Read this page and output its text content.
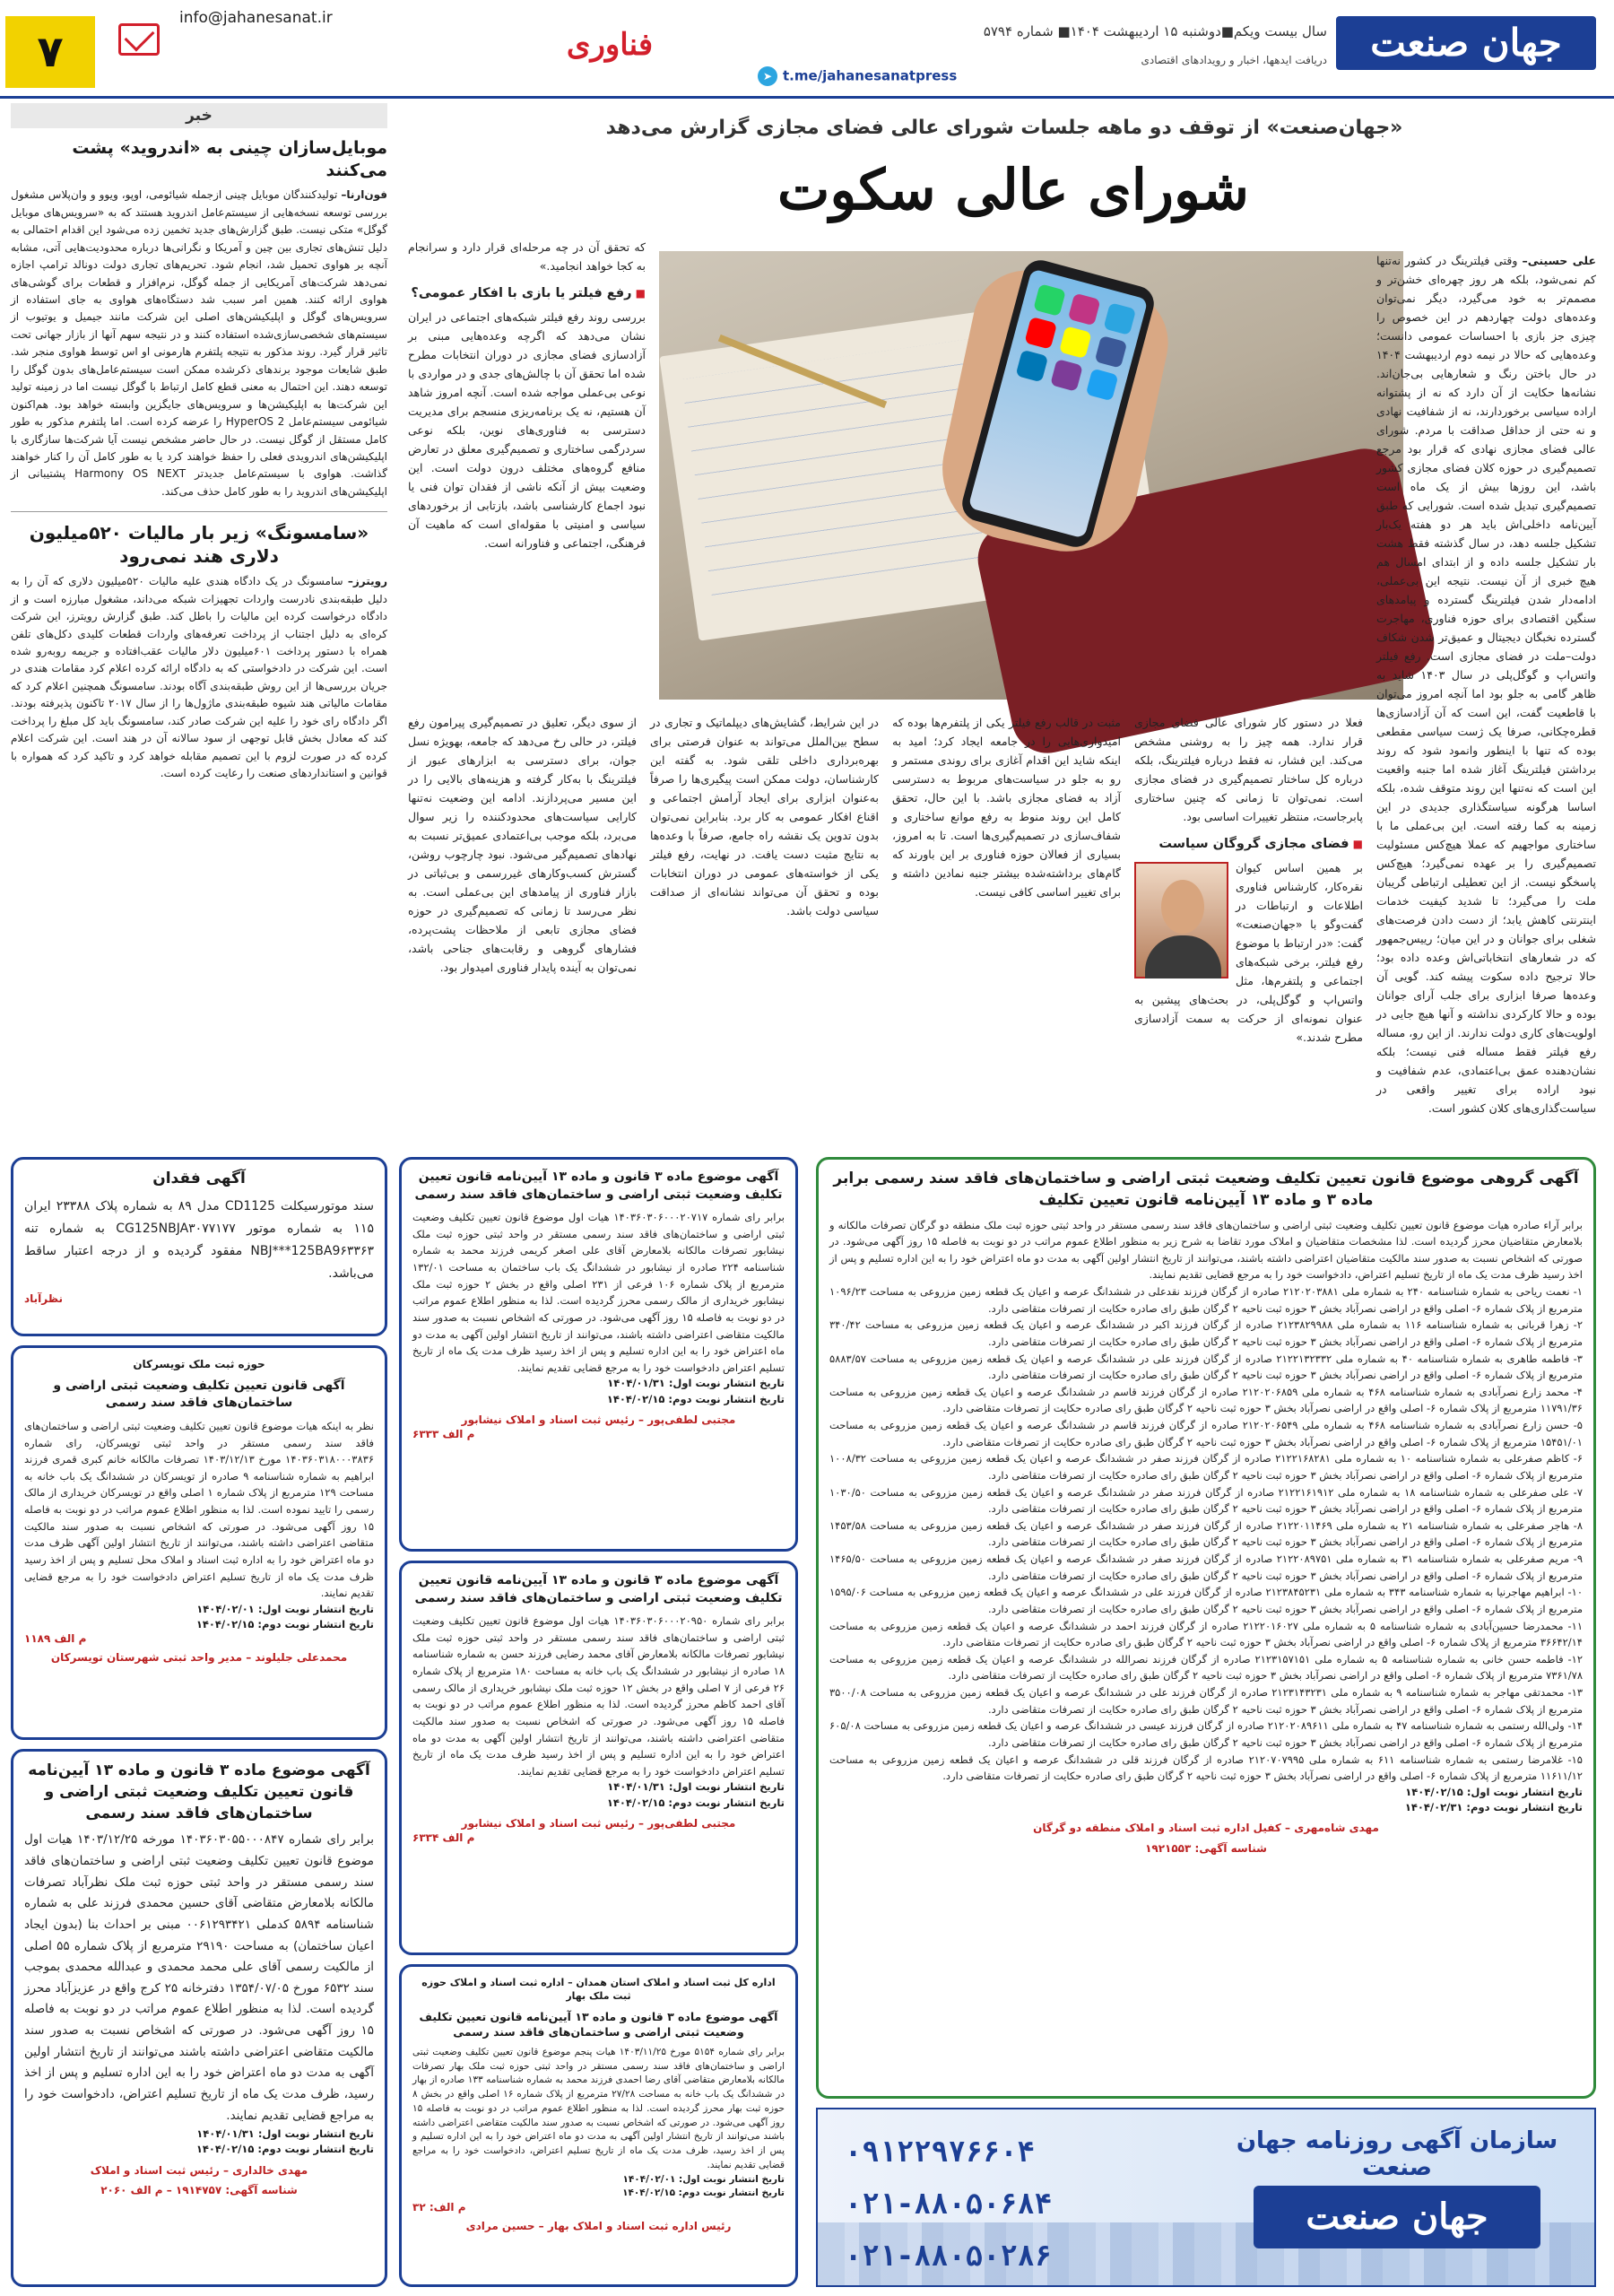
جهان صنعت
سال بیست ویکم■دوشنبه ۱۵ اردیبهشت ۱۴۰۴■ شماره ۵۷۹۴
دریافت ایدهها، اخبار و رویدادهای اقتصادی
➤ t.me/jahanesanatpress
فناوری
info@jahanesanat.ir
۷
خبر
موبایل‌سازان چینی به «اندروید» پشت می‌کنند

فون‌ارنا– تولیدکنندگان موبایل چینی ازجمله شیائومی، اوپو، ویوو و وان‌پلاس مشغول بررسی توسعه نسخه‌هایی از سیستم‌عامل اندروید هستند که به «سرویس‌های موبایل گوگل» متکی نیست. طبق گزارش‌های جدید تخمین زده می‌شود این اقدام احتمالی به دلیل تنش‌های تجاری بین چین و آمریکا و نگرانی‌ها درباره محدودیت‌هایی آتی، مشابه آنچه بر هواوی تحمیل شد، انجام شود. تحریم‌های تجاری دولت دونالد ترامپ اجازه نمی‌دهد شرکت‌های آمریکایی از جمله گوگل، نرم‌افزار و قطعات برای گوشی‌های هواوی ارائه کنند. همین امر سبب شد دستگاه‌های هواوی به جای استفاده از سرویس‌های گوگل و اپلیکیشن‌های اصلی این شرکت مانند جیمیل و یوتیوب از سیستم‌های شخصی‌سازی‌شده استفاده کنند و در نتیجه سهم آنها از بازار جهانی تحت تاثیر قرار گیرد. روند مذکور به نتیجه پلتفرم هارمونی او اس توسط هواوی منجر شد. طبق شایعات موجود برندهای ذکرشده ممکن است سیستم‌عامل‌های بدون گوگل را توسعه دهند. این احتمال به معنی قطع کامل ارتباط با گوگل نیست اما در زمینه تولید این شرکت‌ها به اپلیکیشن‌ها و سرویس‌های جایگزین وابسته خواهد بود. هم‌اکنون شیائومی سیستم‌عامل HyperOS 2 را عرضه کرده است. اما پلتفرم مذکور به طور کامل مستقل از گوگل نیست. در حال حاضر مشخص نیست آیا شرکت‌ها سازگاری با اپلیکیشن‌های اندرویدی فعلی را حفظ خواهند کرد یا به طور کامل آن را کنار خواهند گذاشت. هواوی با سیستم‌عامل جدیدتر Harmony OS NEXT پشتیبانی از اپلیکیشن‌های اندروید را به طور کامل حذف می‌کند.

«سامسونگ» زیر بار مالیات ۵۲۰میلیون دلاری هند نمی‌رود

رویترز– سامسونگ در یک دادگاه هندی علیه مالیات ۵۲۰میلیون دلاری که آن را به دلیل طبقه‌بندی نادرست واردات تجهیزات شبکه می‌داند، مشغول مبارزه است و از دادگاه درخواست کرده این مالیات را باطل کند. طبق گزارش رویترز، این شرکت کره‌ای به دلیل اجتناب از پرداخت تعرفه‌های واردات قطعات کلیدی دکل‌های تلفن همراه با دستور پرداخت ۶۰۱میلیون دلار مالیات عقب‌افتاده و جریمه روبه‌رو شده است. این شرکت در دادخواستی که به دادگاه ارائه کرده اعلام کرد مقامات هندی در جریان بررسی‌ها از این روش طبقه‌بندی آگاه بودند. سامسونگ همچنین اعلام کرد که مقامات مالیاتی هند شیوه طبقه‌بندی ماژول‌ها را از سال ۲۰۱۷ تاکنون پذیرفته بودند. اگر دادگاه رای خود را علیه این شرکت صادر کند، سامسونگ باید کل مبلغ را پرداخت کند که معادل بخش قابل توجهی از سود سالانه آن در هند است. این شرکت اعلام کرده که در صورت لزوم با این تصمیم مقابله خواهد کرد و تاکید کرد که همواره با قوانین و استانداردهای صنعت را رعایت کرده است.

«جهان‌صنعت» از توقف دو ماهه جلسات شورای عالی فضای مجازی گزارش می‌دهد
شورای عالی سکوت
علی حسینی– وقتی فیلترینگ در کشور نه‌تنها کم نمی‌شود، بلکه هر روز چهره‌ای خشن‌تر و مصمم‌تر به خود می‌گیرد، دیگر نمی‌توان وعده‌های دولت چهاردهم در این خصوص را چیزی جز بازی با احساسات عمومی دانست؛ وعده‌هایی که حالا در نیمه دوم اردیبهشت ۱۴۰۴ در حال باختن رنگ و شعارهایی بی‌جان‌اند. نشانه‌ها حکایت از آن دارد که نه از پشتوانه اراده سیاسی برخوردارند، نه از شفافیت نهادی و نه حتی از حداقل صداقت با مردم. شورای عالی فضای مجازی نهادی که قرار بود مرجع تصمیم‌گیری در حوزه کلان فضای مجازی کشور باشد، این روزها بیش از یک ماه است تصمیم‌گیری تبدیل شده است. شورایی که طبق آیین‌نامه داخلی‌اش باید هر دو هفته یک‌بار تشکیل جلسه دهد، در سال گذشته فقط هشت بار تشکیل جلسه داده و از ابتدای امسال هم هیچ خبری از آن نیست. نتیجه این بی‌عملی، ادامه‌دار شدن فیلترینگ گسترده و پیامدهای سنگین اقتصادی برای حوزه فناوری، مهاجرت گسترده نخبگان دیجیتال و عمیق‌تر شدن شکاف دولت–ملت در فضای مجازی است. رفع فیلتر واتس‌اپ و گوگل‌پلی در سال ۱۴۰۳ شاید به ظاهر گامی به جلو بود اما آنچه امروز می‌توان با قاطعیت گفت، این است که آن آزادسازی‌ها قطره‌چکانی، صرفا یک ژست سیاسی مقطعی بوده که تنها با اینطور وانمود شود که روند برداشتن فیلترینگ آغاز شده اما جنبه واقعیت این است که نه‌تنها این روند متوقف شده، بلکه اساسا هرگونه سیاستگذاری جدیدی در این زمینه به کما رفته است. این بی‌عملی ما با ساختاری مواجهیم که عملا هیچ‌کس مسئولیت تصمیم‌گیری را بر عهده نمی‌گیرد؛ هیچ‌کس پاسخگو نیست. از این تعطیلی ارتباطی گریبان ملت را می‌گیرد؛ تا شدید کیفیت خدمات اینترنتی کاهش یابد؛ از دست دادن فرصت‌های شغلی برای جوانان و در این میان؛ رییس‌جمهور که در شعارهای انتخاباتی‌اش وعده داده بود؛ حالا ترجیح داده سکوت پیشه کند. گویی آن وعده‌ها صرفا ابزاری برای جلب آرای جوانان بوده و حالا کارکردی نداشته و آنها هیچ جایی در اولویت‌های کاری دولت ندارند. از این رو، مساله رفع فیلتر فقط مساله فنی نیست؛ بلکه نشان‌دهنده عمق بی‌اعتمادی، عدم شفافیت و نبود اراده برای تغییر واقعی در سیاست‌گذاری‌های کلان کشور است.

که تحقق آن در چه مرحله‌ای قرار دارد و سرانجام به کجا خواهد انجامید.»

■ رفع فیلتر یا بازی با افکار عمومی؟

بررسی روند رفع فیلتر شبکه‌های اجتماعی در ایران نشان می‌دهد که اگرچه وعده‌هایی مبنی بر آزادسازی فضای مجازی در دوران انتخابات مطرح شده اما تحقق آن با چالش‌های جدی و در مواردی با نوعی بی‌عملی مواجه شده است. آنچه امروز شاهد آن هستیم، نه یک برنامه‌ریزی منسجم برای مدیریت دسترسی به فناوری‌های نوین، بلکه نوعی سردرگمی ساختاری و تصمیم‌گیری معلق در تعارض منافع گروه‌های مختلف درون دولت است. این وضعیت بیش از آنکه ناشی از فقدان توان فنی یا نبود اجماع کارشناسی باشد، بازتابی از برخوردهای سیاسی و امنیتی با مقوله‌ای است که ماهیت آن فرهنگی، اجتماعی و فناورانه است.

از سوی دیگر، تعلیق در تصمیم‌گیری پیرامون رفع فیلتر، در حالی رخ می‌دهد که جامعه، بهویژه نسل جوان، برای دسترسی به ابزارهای عبور از فیلترینگ با به‌کار گرفته و هزینه‌های بالایی را در این مسیر می‌پردازند. ادامه این وضعیت نه‌تنها کارایی سیاست‌های محدودکننده را زیر سوال می‌برد، بلکه موجب بی‌اعتمادی عمیق‌تر نسبت به نهادهای تصمیم‌گیر می‌شود. نبود چارچوب روشن، گسترش کسب‌وکارهای غیررسمی و بی‌ثباتی در بازار فناوری از پیامدهای این بی‌عملی است. به نظر می‌رسد تا زمانی که تصمیم‌گیری در حوزه فضای مجازی تابعی از ملاحظات پشت‌پرده، فشارهای گروهی و رقابت‌های جناحی باشد، نمی‌توان به آینده پایدار فناوری امیدوار بود.

در این شرایط، گشایش‌های دیپلماتیک و تجاری در سطح بین‌الملل می‌تواند به عنوان فرصتی برای بهره‌برداری داخلی تلقی شود. به گفته این کارشناسان، دولت ممکن است پیگیری‌ها را صرفاً به‌عنوان ابزاری برای ایجاد آرامش اجتماعی و اقناع افکار عمومی به کار برد. بنابراین نمی‌توان بدون تدوین یک نقشه راه جامع، صرفاً با وعده‌ها به نتایج مثبت دست یافت. در نهایت، رفع فیلتر یکی از خواسته‌های عمومی در دوران انتخابات بوده و تحقق آن می‌تواند نشانه‌ای از صداقت سیاسی دولت باشد.

مثبت در قالب رفع فیلتر یکی از پلتفرم‌ها بوده که امیدواری‌هایی را در جامعه ایجاد کرد؛ امید به اینکه شاید این اقدام آغازی برای روندی مستمر و رو به جلو در سیاست‌های مربوط به دسترسی آزاد به فضای مجازی باشد. با این حال، تحقق کامل این روند منوط به رفع موانع ساختاری و شفاف‌سازی در تصمیم‌گیری‌ها است. تا به امروز، بسیاری از فعالان حوزه فناوری بر این باورند که گام‌های برداشته‌شده بیشتر جنبه نمادین داشته و برای تغییر اساسی کافی نیست.

فعلا در دستور کار شورای عالی فضای مجازی قرار ندارد. همه چیز را به روشنی مشخص می‌کند. این فشار، نه فقط درباره فیلترینگ، بلکه درباره کل ساختار تصمیم‌گیری در فضای مجازی است. نمی‌توان تا زمانی که چنین ساختاری پابرجاست، منتظر تغییرات اساسی بود.

■ فضای مجازی گروگان سیاست

بر همین اساس کیوان نقره‌کار، کارشناس فناوری اطلاعات و ارتباطات در گفت‌وگو با «جهان‌صنعت» گفت: «در ارتباط با موضوع رفع فیلتر، برخی شبکه‌های اجتماعی و پلتفرم‌ها، مثل واتس‌اپ و گوگل‌پلی، در بحث‌های پیشین به عنوان نمونه‌ای از حرکت به سمت آزادسازی مطرح شدند.»

آگهی فقدان

سند موتورسیکلت CD1125 مدل ۸۹ به شماره پلاک ۲۳۳۸۸ ایران ۱۱۵ به شماره موتور CG125NBJA۳۰۷۷۱۷۷ به شماره تنه NBJ***125BA9۶۳۳۶۳ مفقود گردیده و از درجه اعتبار ساقط می‌باشد.

نظرآباد
حوزه ثبت ملک تویسرکان
آگهی قانون تعیین تکلیف وضعیت ثبتی اراضی و ساختمان‌های فاقد سند رسمی

نظر به اینکه هیات موضوع قانون تعیین تکلیف وضعیت ثبتی اراضی و ساختمان‌های فاقد سند رسمی مستقر در واحد ثبتی تویسرکان، رای شماره ۱۴۰۳۶۰۳۱۸۰۰۰۳۸۳۶ مورخ ۱۴۰۳/۱۲/۱۳ تصرفات مالکانه خانم کبری قمری فرزند ابراهیم به شماره شناسنامه ۹ صادره از تویسرکان در ششدانگ یک باب خانه به مساحت ۱۲۹ مترمربع از پلاک شماره ۱ اصلی واقع در تویسرکان خریداری از مالک رسمی را تایید نموده است. لذا به منظور اطلاع عموم مراتب در دو نوبت به فاصله ۱۵ روز آگهی می‌شود. در صورتی که اشخاص نسبت به صدور سند مالکیت متقاضی اعتراضی داشته باشند، می‌توانند از تاریخ انتشار اولین آگهی ظرف مدت دو ماه اعتراض خود را به اداره ثبت اسناد و املاک محل تسلیم و پس از اخذ رسید ظرف مدت یک ماه از تاریخ تسلیم اعتراض دادخواست خود را به مرجع قضایی تقدیم نمایند.

تاریخ انتشار نوبت اول: ۱۴۰۴/۰۲/۰۱
تاریخ انتشار نوبت دوم: ۱۴۰۴/۰۲/۱۵
م الف ۱۱۸۹
محمدعلی جلیلوند – مدیر واحد ثبتی شهرستان تویسرکان
آگهی موضوع ماده ۳ قانون و ماده ۱۳ آیین‌نامه قانون تعیین تکلیف وضعیت ثبتی اراضی و ساختمان‌های فاقد سند رسمی

برابر رای شماره ۱۴۰۳۶۰۳۰۵۵۰۰۰۸۴۷ مورخه ۱۴۰۳/۱۲/۲۵ هیات اول موضوع قانون تعیین تکلیف وضعیت ثبتی اراضی و ساختمان‌های فاقد سند رسمی مستقر در واحد ثبتی حوزه ثبت ملک نظرآباد تصرفات مالکانه بلامعارض متقاضی آقای حسین محمدی فرزند علی به شماره شناسنامه ۵۸۹۴ کدملی ۰۰۶۱۲۹۳۴۲۱ مبنی بر احداث بنا (بدون ایجاد اعیان ساختمان) به مساحت ۲۹۱۹۰ مترمربع از پلاک شماره ۵۵ اصلی از مالکیت رسمی آقای علی محمد محمدی و عبدالله محمدی بموجب سند ۶۵۳۲ مورخ ۱۳۵۴/۰۷/۰۵ دفترخانه ۲۵ کرج واقع در عزیزآباد محرز گردیده است. لذا به منظور اطلاع عموم مراتب در دو نوبت به فاصله ۱۵ روز آگهی می‌شود. در صورتی که اشخاص نسبت به صدور سند مالکیت متقاضی اعتراضی داشته باشند می‌توانند از تاریخ انتشار اولین آگهی به مدت دو ماه اعتراض خود را به این اداره تسلیم و پس از اخذ رسید، ظرف مدت یک ماه از تاریخ تسلیم اعتراض، دادخواست خود را به مراجع قضایی تقدیم نمایند.

تاریخ انتشار نوبت اول: ۱۴۰۴/۰۱/۳۱
تاریخ انتشار نوبت دوم: ۱۴۰۴/۰۲/۱۵
مهدی خالداری – رئیس ثبت اسناد و املاک
شناسه آگهی: ۱۹۱۴۷۵۷ – م الف ۲۰۶۰
آگهی موضوع ماده ۳ قانون و ماده ۱۳ آیین‌نامه قانون تعیین تکلیف وضعیت ثبتی اراضی و ساختمان‌های فاقد سند رسمی

برابر رای شماره ۱۴۰۳۶۰۳۰۶۰۰۰۲۰۷۱۷ هیات اول موضوع قانون تعیین تکلیف وضعیت ثبتی اراضی و ساختمان‌های فاقد سند رسمی مستقر در واحد ثبتی حوزه ثبت ملک نیشابور تصرفات مالکانه بلامعارض آقای علی اصغر کریمی فرزند محمد به شماره شناسنامه ۲۲۴ صادره از نیشابور در ششدانگ یک باب ساختمان به مساحت ۱۳۲/۰۱ مترمربع از پلاک شماره ۱۰۶ فرعی از ۲۳۱ اصلی واقع در بخش ۲ حوزه ثبت ملک نیشابور خریداری از مالک رسمی محرز گردیده است. لذا به منظور اطلاع عموم مراتب در دو نوبت به فاصله ۱۵ روز آگهی می‌شود. در صورتی که اشخاص نسبت به صدور سند مالکیت متقاضی اعتراضی داشته باشند، می‌توانند از تاریخ انتشار اولین آگهی به مدت دو ماه اعتراض خود را به این اداره تسلیم و پس از اخذ رسید ظرف مدت یک ماه از تاریخ تسلیم اعتراض دادخواست خود را به مرجع قضایی تقدیم نمایند.

تاریخ انتشار نوبت اول: ۱۴۰۴/۰۱/۳۱
تاریخ انتشار نوبت دوم: ۱۴۰۴/۰۲/۱۵
مجتبی لطفی‌پور – رئیس ثبت اسناد و املاک نیشابور
م الف ۶۳۳۳
آگهی موضوع ماده ۳ قانون و ماده ۱۳ آیین‌نامه قانون تعیین تکلیف وضعیت ثبتی اراضی و ساختمان‌های فاقد سند رسمی

برابر رای شماره ۱۴۰۳۶۰۳۰۶۰۰۰۲۰۹۵۰ هیات اول موضوع قانون تعیین تکلیف وضعیت ثبتی اراضی و ساختمان‌های فاقد سند رسمی مستقر در واحد ثبتی حوزه ثبت ملک نیشابور تصرفات مالکانه بلامعارض آقای محمد رضایی فرزند حسن به شماره شناسنامه ۱۸ صادره از نیشابور در ششدانگ یک باب خانه به مساحت ۱۸۰ مترمربع از پلاک شماره ۲۶ فرعی از ۷ اصلی واقع در بخش ۱۲ حوزه ثبت ملک نیشابور خریداری از مالک رسمی آقای احمد کاظم محرز گردیده است. لذا به منظور اطلاع عموم مراتب در دو نوبت به فاصله ۱۵ روز آگهی می‌شود. در صورتی که اشخاص نسبت به صدور سند مالکیت متقاضی اعتراضی داشته باشند، می‌توانند از تاریخ انتشار اولین آگهی به مدت دو ماه اعتراض خود را به این اداره تسلیم و پس از اخذ رسید ظرف مدت یک ماه از تاریخ تسلیم اعتراض دادخواست خود را به مرجع قضایی تقدیم نمایند.

تاریخ انتشار نوبت اول: ۱۴۰۴/۰۱/۳۱
تاریخ انتشار نوبت دوم: ۱۴۰۴/۰۲/۱۵
مجتبی لطفی‌پور – رئیس ثبت اسناد و املاک نیشابور
م الف ۶۳۳۴
اداره کل ثبت اسناد و املاک استان همدان – اداره ثبت اسناد و املاک حوزه ثبت ملک بهار
آگهی موضوع ماده ۳ قانون و ماده ۱۳ آیین‌نامه قانون تعیین تکلیف وضعیت ثبتی اراضی و ساختمان‌های فاقد سند رسمی

برابر رای شماره ۵۱۵۴ مورخ ۱۴۰۳/۱۱/۲۵ هیات پنجم موضوع قانون تعیین تکلیف وضعیت ثبتی اراضی و ساختمان‌های فاقد سند رسمی مستقر در واحد ثبتی حوزه ثبت ملک بهار تصرفات مالکانه بلامعارض متقاضی آقای رضا احمدی فرزند محمد به شماره شناسنامه ۱۳۳ صادره از بهار در ششدانگ یک باب خانه به مساحت ۲۷/۲۸ مترمربع از پلاک شماره ۱۶ اصلی واقع در بخش ۸ حوزه ثبت بهار محرز گردیده است. لذا به منظور اطلاع عموم مراتب در دو نوبت به فاصله ۱۵ روز آگهی می‌شود. در صورتی که اشخاص نسبت به صدور سند مالکیت متقاضی اعتراضی داشته باشند می‌توانند از تاریخ انتشار اولین آگهی به مدت دو ماه اعتراض خود را به این اداره تسلیم و پس از اخذ رسید، ظرف مدت یک ماه از تاریخ تسلیم اعتراض، دادخواست خود را به مراجع قضایی تقدیم نمایند.

تاریخ انتشار نوبت اول: ۱۴۰۴/۰۲/۰۱
تاریخ انتشار نوبت دوم: ۱۴۰۴/۰۲/۱۵
م الف: ۳۲
رئیس اداره ثبت اسناد و املاک بهار – حسین مرادی
آگهی گروهی موضوع قانون تعیین تکلیف وضعیت ثبتی اراضی و ساختمان‌های فاقد سند رسمی برابر ماده ۳ و ماده ۱۳ آیین‌نامه قانون تعیین تکلیف

برابر آراء صادره هیات موضوع قانون تعیین تکلیف وضعیت ثبتی اراضی و ساختمان‌های فاقد سند رسمی مستقر در واحد ثبتی حوزه ثبت ملک منطقه دو گرگان تصرفات مالکانه و بلامعارض متقاضیان محرز گردیده است. لذا مشخصات متقاضیان و املاک مورد تقاضا به شرح زیر به منظور اطلاع عموم مراتب در دو نوبت به فاصله ۱۵ روز آگهی می‌شود. در صورتی که اشخاص نسبت به صدور سند مالکیت متقاضیان اعتراضی داشته باشند، می‌توانند از تاریخ انتشار اولین آگهی به مدت دو ماه اعتراض خود را به این اداره تسلیم و پس از اخذ رسید ظرف مدت یک ماه از تاریخ تسلیم اعتراض، دادخواست خود را به مرجع قضایی تقدیم نمایند.

۱- نعمت ریاحی به شماره شناسنامه ۲۴۰ به شماره ملی ۲۱۲۰۲۰۳۸۸۱ صادره از گرگان فرزند نقدعلی در ششدانگ عرصه و اعیان یک قطعه زمین مزروعی به مساحت ۱۰۹۶/۲۳ مترمربع از پلاک شماره ۶- اصلی واقع در اراضی نصرآباد بخش ۳ حوزه ثبت ناحیه ۲ گرگان طبق رای صادره حکایت از تصرفات متقاضی دارد.

۲- زهرا قربانی به شماره شناسنامه ۱۱۶ به شماره ملی ۲۱۲۳۸۲۹۹۸۸ صادره از گرگان فرزند اکبر در ششدانگ عرصه و اعیان یک قطعه زمین مزروعی به مساحت ۳۴۰/۴۲ مترمربع از پلاک شماره ۶- اصلی واقع در اراضی نصرآباد بخش ۳ حوزه ثبت ناحیه ۲ گرگان طبق رای صادره حکایت از تصرفات متقاضی دارد.

۳- فاطمه طاهری به شماره شناسنامه ۴۰ به شماره ملی ۲۱۲۲۱۳۲۳۳۲ صادره از گرگان فرزند علی در ششدانگ عرصه و اعیان یک قطعه زمین مزروعی به مساحت ۵۸۸۳/۵۷ مترمربع از پلاک شماره ۶- اصلی واقع در اراضی نصرآباد بخش ۳ حوزه ثبت ناحیه ۲ گرگان طبق رای صادره حکایت از تصرفات متقاضی دارد.

۴- محمد زارع نصرآبادی به شماره شناسنامه ۴۶۸ به شماره ملی ۲۱۲۰۲۰۶۸۵۹ صادره از گرگان فرزند قاسم در ششدانگ عرصه و اعیان یک قطعه زمین مزروعی به مساحت ۱۱۷۹۱/۳۶ مترمربع از پلاک شماره ۶- اصلی واقع در اراضی نصرآباد بخش ۳ حوزه ثبت ناحیه ۲ گرگان طبق رای صادره حکایت از تصرفات متقاضی دارد.

۵- حسن زارع نصرآبادی به شماره شناسنامه ۴۶۸ به شماره ملی ۲۱۲۰۲۰۶۵۴۹ صادره از گرگان فرزند قاسم در ششدانگ عرصه و اعیان یک قطعه زمین مزروعی به مساحت ۱۵۴۵۱/۰۱ مترمربع از پلاک شماره ۶- اصلی واقع در اراضی نصرآباد بخش ۳ حوزه ثبت ناحیه ۲ گرگان طبق رای صادره حکایت از تصرفات متقاضی دارد.

۶- کاظم صفرعلی به شماره شناسنامه ۱۰ به شماره ملی ۲۱۲۲۱۶۸۲۸۱ صادره از گرگان فرزند صفر در ششدانگ عرصه و اعیان یک قطعه زمین مزروعی به مساحت ۱۰۰۸/۳۲ مترمربع از پلاک شماره ۶- اصلی واقع در اراضی نصرآباد بخش ۳ حوزه ثبت ناحیه ۲ گرگان طبق رای صادره حکایت از تصرفات متقاضی دارد.

۷- علی صفرعلی به شماره شناسنامه ۱۸ به شماره ملی ۲۱۲۲۱۶۱۹۱۲ صادره از گرگان فرزند صفر در ششدانگ عرصه و اعیان یک قطعه زمین مزروعی به مساحت ۱۰۳۰/۵۰ مترمربع از پلاک شماره ۶- اصلی واقع در اراضی نصرآباد بخش ۳ حوزه ثبت ناحیه ۲ گرگان طبق رای صادره حکایت از تصرفات متقاضی دارد.

۸- هاجر صفرعلی به شماره شناسنامه ۲۱ به شماره ملی ۲۱۲۲۰۱۱۴۶۹ صادره از گرگان فرزند صفر در ششدانگ عرصه و اعیان یک قطعه زمین مزروعی به مساحت ۱۴۵۳/۵۸ مترمربع از پلاک شماره ۶- اصلی واقع در اراضی نصرآباد بخش ۳ حوزه ثبت ناحیه ۲ گرگان طبق رای صادره حکایت از تصرفات متقاضی دارد.

۹- مریم صفرعلی به شماره شناسنامه ۳۱ به شماره ملی ۲۱۲۲۰۸۹۷۵۱ صادره از گرگان فرزند صفر در ششدانگ عرصه و اعیان یک قطعه زمین مزروعی به مساحت ۱۴۶۵/۵۰ مترمربع از پلاک شماره ۶- اصلی واقع در اراضی نصرآباد بخش ۳ حوزه ثبت ناحیه ۲ گرگان طبق رای صادره حکایت از تصرفات متقاضی دارد.

۱۰- ابراهیم مهاجرنیا به شماره شناسنامه ۳۴۳ به شماره ملی ۲۱۲۳۸۴۵۲۳۱ صادره از گرگان فرزند علی در ششدانگ عرصه و اعیان یک قطعه زمین مزروعی به مساحت ۱۵۹۵/۰۶ مترمربع از پلاک شماره ۶- اصلی واقع در اراضی نصرآباد بخش ۳ حوزه ثبت ناحیه ۲ گرگان طبق رای صادره حکایت از تصرفات متقاضی دارد.

۱۱- محمدرضا حسین‌آبادی به شماره شناسنامه ۵ به شماره ملی ۲۱۲۲۰۱۶۰۲۷ صادره از گرگان فرزند احمد در ششدانگ عرصه و اعیان یک قطعه زمین مزروعی به مساحت ۳۶۶۴۲/۱۴ مترمربع از پلاک شماره ۶- اصلی واقع در اراضی نصرآباد بخش ۳ حوزه ثبت ناحیه ۲ گرگان طبق رای صادره حکایت از تصرفات متقاضی دارد.

۱۲- فاطمه حسن خانی به شماره شناسنامه ۵ به شماره ملی ۲۱۲۳۱۵۷۱۵۱ صادره از گرگان فرزند نصرالله در ششدانگ عرصه و اعیان یک قطعه زمین مزروعی به مساحت ۷۳۶۱/۷۸ مترمربع از پلاک شماره ۶- اصلی واقع در اراضی نصرآباد بخش ۳ حوزه ثبت ناحیه ۲ گرگان طبق رای صادره حکایت از تصرفات متقاضی دارد.

۱۳- محمدتقی مهاجر به شماره شناسنامه ۹ به شماره ملی ۲۱۲۳۱۴۳۲۳۱ صادره از گرگان فرزند علی در ششدانگ عرصه و اعیان یک قطعه زمین مزروعی به مساحت ۳۵۰۰/۰۸ مترمربع از پلاک شماره ۶- اصلی واقع در اراضی نصرآباد بخش ۳ حوزه ثبت ناحیه ۲ گرگان طبق رای صادره حکایت از تصرفات متقاضی دارد.

۱۴- ولی‌الله رستمی به شماره شناسنامه ۴۷ به شماره ملی ۲۱۲۰۲۰۸۹۶۱۱ صادره از گرگان فرزند عیسی در ششدانگ عرصه و اعیان یک قطعه زمین مزروعی به مساحت ۶۰۵/۰۸ مترمربع از پلاک شماره ۶- اصلی واقع در اراضی نصرآباد بخش ۳ حوزه ثبت ناحیه ۲ گرگان طبق رای صادره حکایت از تصرفات متقاضی دارد.

۱۵- غلامرضا رستمی به شماره شناسنامه ۶۱۱ به شماره ملی ۲۱۲۰۷۰۷۹۹۵ صادره از گرگان فرزند قلی در ششدانگ عرصه و اعیان یک قطعه زمین مزروعی به مساحت ۱۱۶۱۱/۱۲ مترمربع از پلاک شماره ۶- اصلی واقع در اراضی نصرآباد بخش ۳ حوزه ثبت ناحیه ۲ گرگان طبق رای صادره حکایت از تصرفات متقاضی دارد.

تاریخ انتشار نوبت اول: ۱۴۰۴/۰۲/۱۵
تاریخ انتشار نوبت دوم: ۱۴۰۴/۰۲/۳۱
مهدی شاه‌مهری – کفیل اداره ثبت اسناد و املاک منطقه دو گرگان
شناسه آگهی: ۱۹۲۱۵۵۳
سازمان آگهی روزنامه جهان صنعت
جهان صنعت
۰۹۱۲۲۹۷۶۶۰۴
۰۲۱-۸۸۰۵۰۶۸۴
۰۲۱-۸۸۰۵۰۲۸۶
